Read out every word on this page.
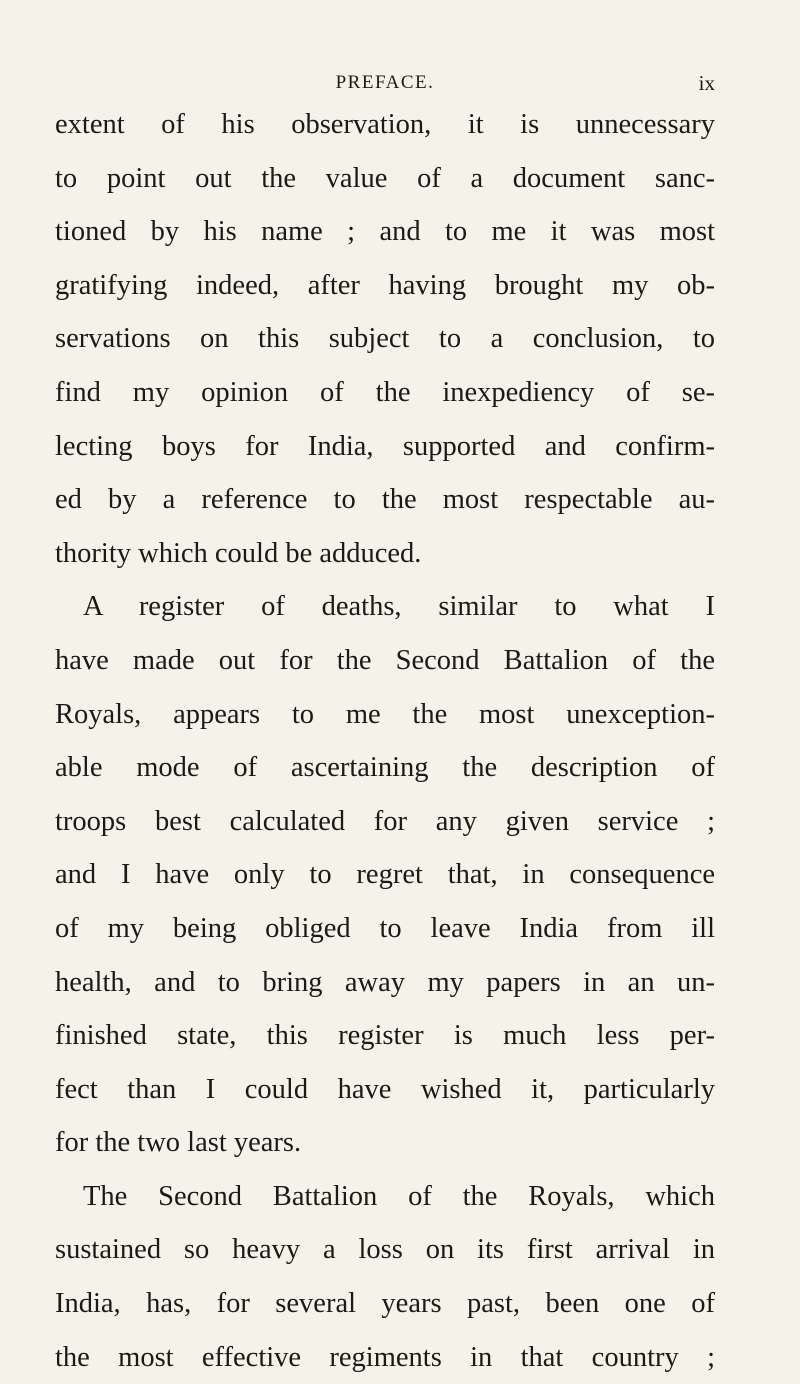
PREFACE.	ix
extent of his observation, it is unnecessary
to point out the value of a document sanc-
tioned by his name ; and to me it was most
gratifying indeed, after having brought my ob-
servations on this subject to a conclusion, to
find my opinion of the inexpediency of se-
lecting boys for India, supported and confirm-
ed by a reference to the most respectable au-
thority which could be adduced.
A register of deaths, similar to what I
have made out for the Second Battalion of the
Royals, appears to me the most unexception-
able mode of ascertaining the description of
troops best calculated for any given service ;
and I have only to regret that, in consequence
of my being obliged to leave India from ill
health, and to bring away my papers in an un-
finished state, this register is much less per-
fect than I could have wished it, particularly
for the two last years.
The Second Battalion of the Royals, which
sustained so heavy a loss on its first arrival in
India, has, for several years past, been one of
the most effective regiments in that country ;
